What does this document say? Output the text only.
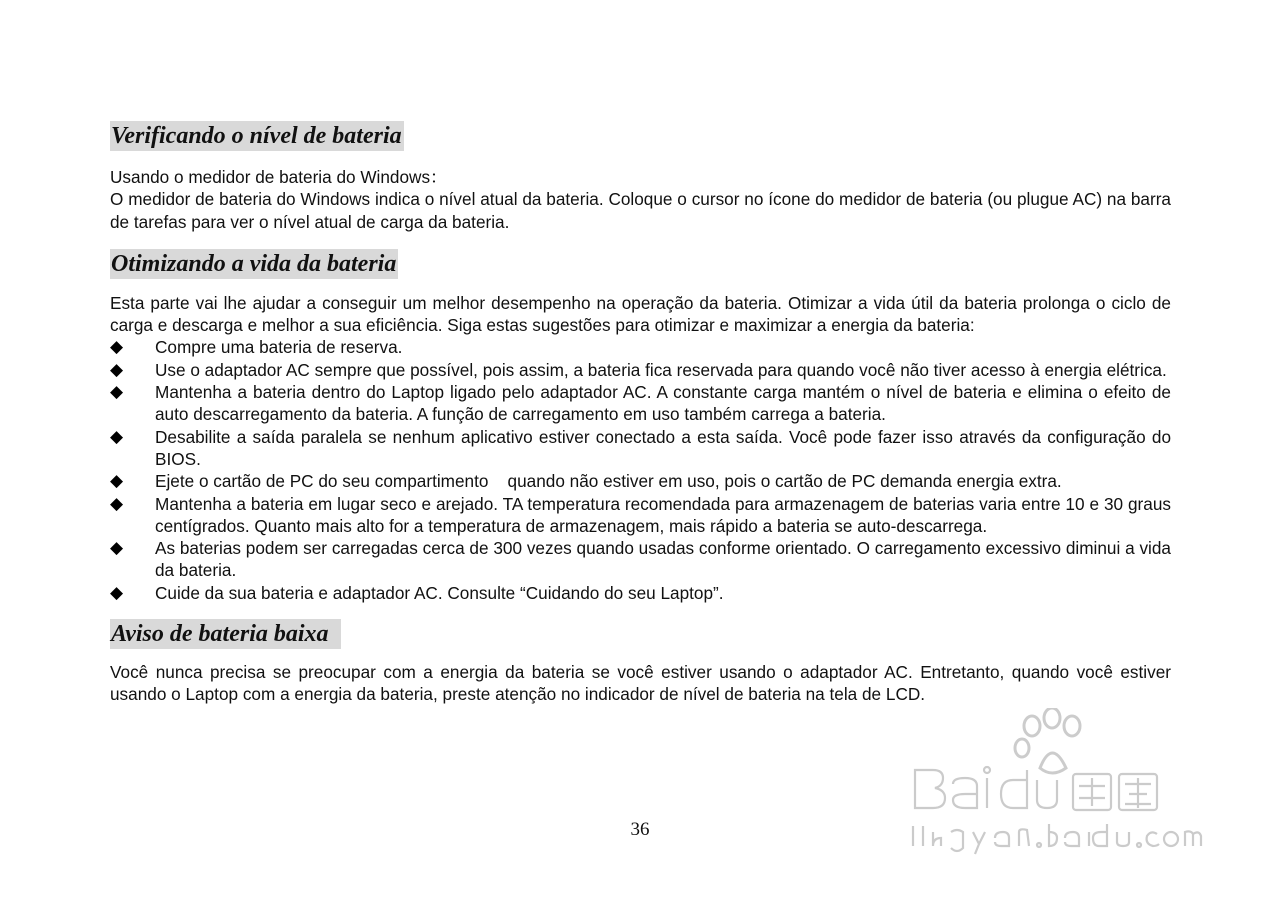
Verificando o nível de bateria

Usando o medidor de bateria do Windows：

O medidor de bateria do Windows indica o nível atual da bateria. Coloque o cursor no ícone do medidor de bateria (ou plugue AC) na barra de tarefas para ver o nível atual de carga da bateria.

Otimizando a vida da bateria

Esta parte vai lhe ajudar a conseguir um melhor desempenho na operação da bateria. Otimizar a vida útil da bateria prolonga o ciclo de carga e descarga e melhor a sua eficiência. Siga estas sugestões para otimizar e maximizar a energia da bateria:

◆ Compre uma bateria de reserva.
◆ Use o adaptador AC sempre que possível, pois assim, a bateria fica reservada para quando você não tiver acesso à energia elétrica.
◆ Mantenha a bateria dentro do Laptop ligado pelo adaptador AC. A constante carga mantém o nível de bateria e elimina o efeito de auto descarregamento da bateria. A função de carregamento em uso também carrega a bateria.
◆ Desabilite a saída paralela se nenhum aplicativo estiver conectado a esta saída. Você pode fazer isso através da configuração do BIOS.
◆ Ejete o cartão de PC do seu compartimento    quando não estiver em uso, pois o cartão de PC demanda energia extra.
◆ Mantenha a bateria em lugar seco e arejado. TA temperatura recomendada para armazenagem de baterias varia entre 10 e 30 graus centígrados. Quanto mais alto for a temperatura de armazenagem, mais rápido a bateria se auto-descarrega.
◆ As baterias podem ser carregadas cerca de 300 vezes quando usadas conforme orientado. O carregamento excessivo diminui a vida da bateria.
◆ Cuide da sua bateria e adaptador AC. Consulte “Cuidando do seu Laptop”.
Aviso de bateria baixa

Você nunca precisa se preocupar com a energia da bateria se você estiver usando o adaptador AC. Entretanto, quando você estiver usando o Laptop com a energia da bateria, preste atenção no indicador de nível de bateria na tela de LCD.

36
